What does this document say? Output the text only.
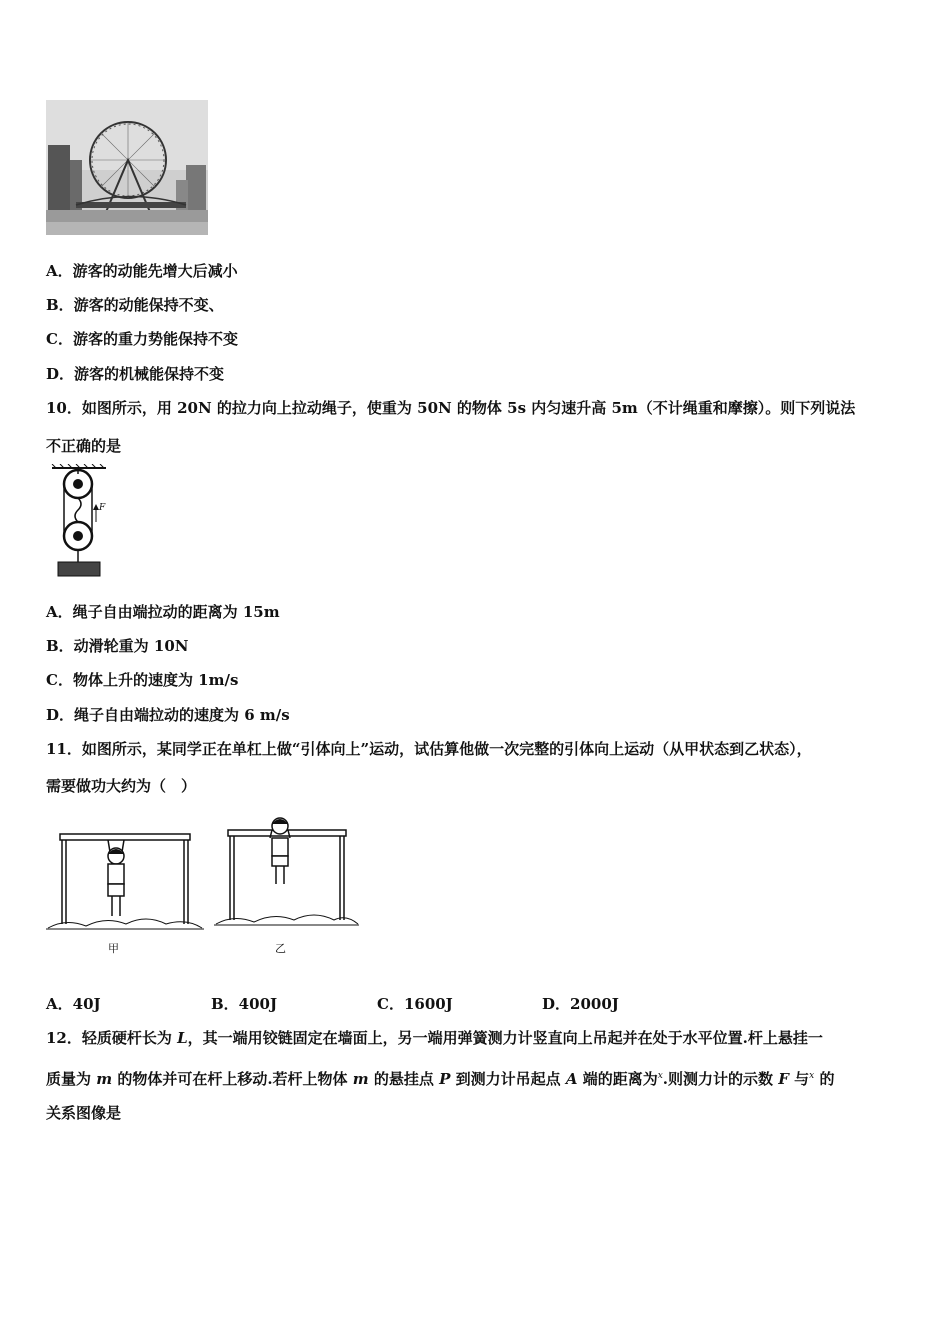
A．游客的动能先增大后减小
B．游客的动能保持不变、
C．游客的重力势能保持不变
D．游客的机械能保持不变
10．如图所示，用 20N 的拉力向上拉动绳子，使重为 50N 的物体 5s 内匀速升高 5m（不计绳重和摩擦）。则下列说法
不正确的是
F
A．绳子自由端拉动的距离为 15m
B．动滑轮重为 10N
C．物体上升的速度为 1m/s
D．绳子自由端拉动的速度为 6 m/s
11．如图所示，某同学正在单杠上做“引体向上”运动，试估算他做一次完整的引体向上运动（从甲状态到乙状态），
需要做功大约为（　）
甲	乙
A．40J	B．400J	C．1600J	D．2000J
12．轻质硬杆长为 L，其一端用铰链固定在墙面上，另一端用弹簧测力计竖直向上吊起并在处于水平位置.杆上悬挂一
质量为 m 的物体并可在杆上移动.若杆上物体 m 的悬挂点 P 到测力计吊起点 A 端的距离为$^x$.则测力计的示数 F 与$^x$ 的
关系图像是
